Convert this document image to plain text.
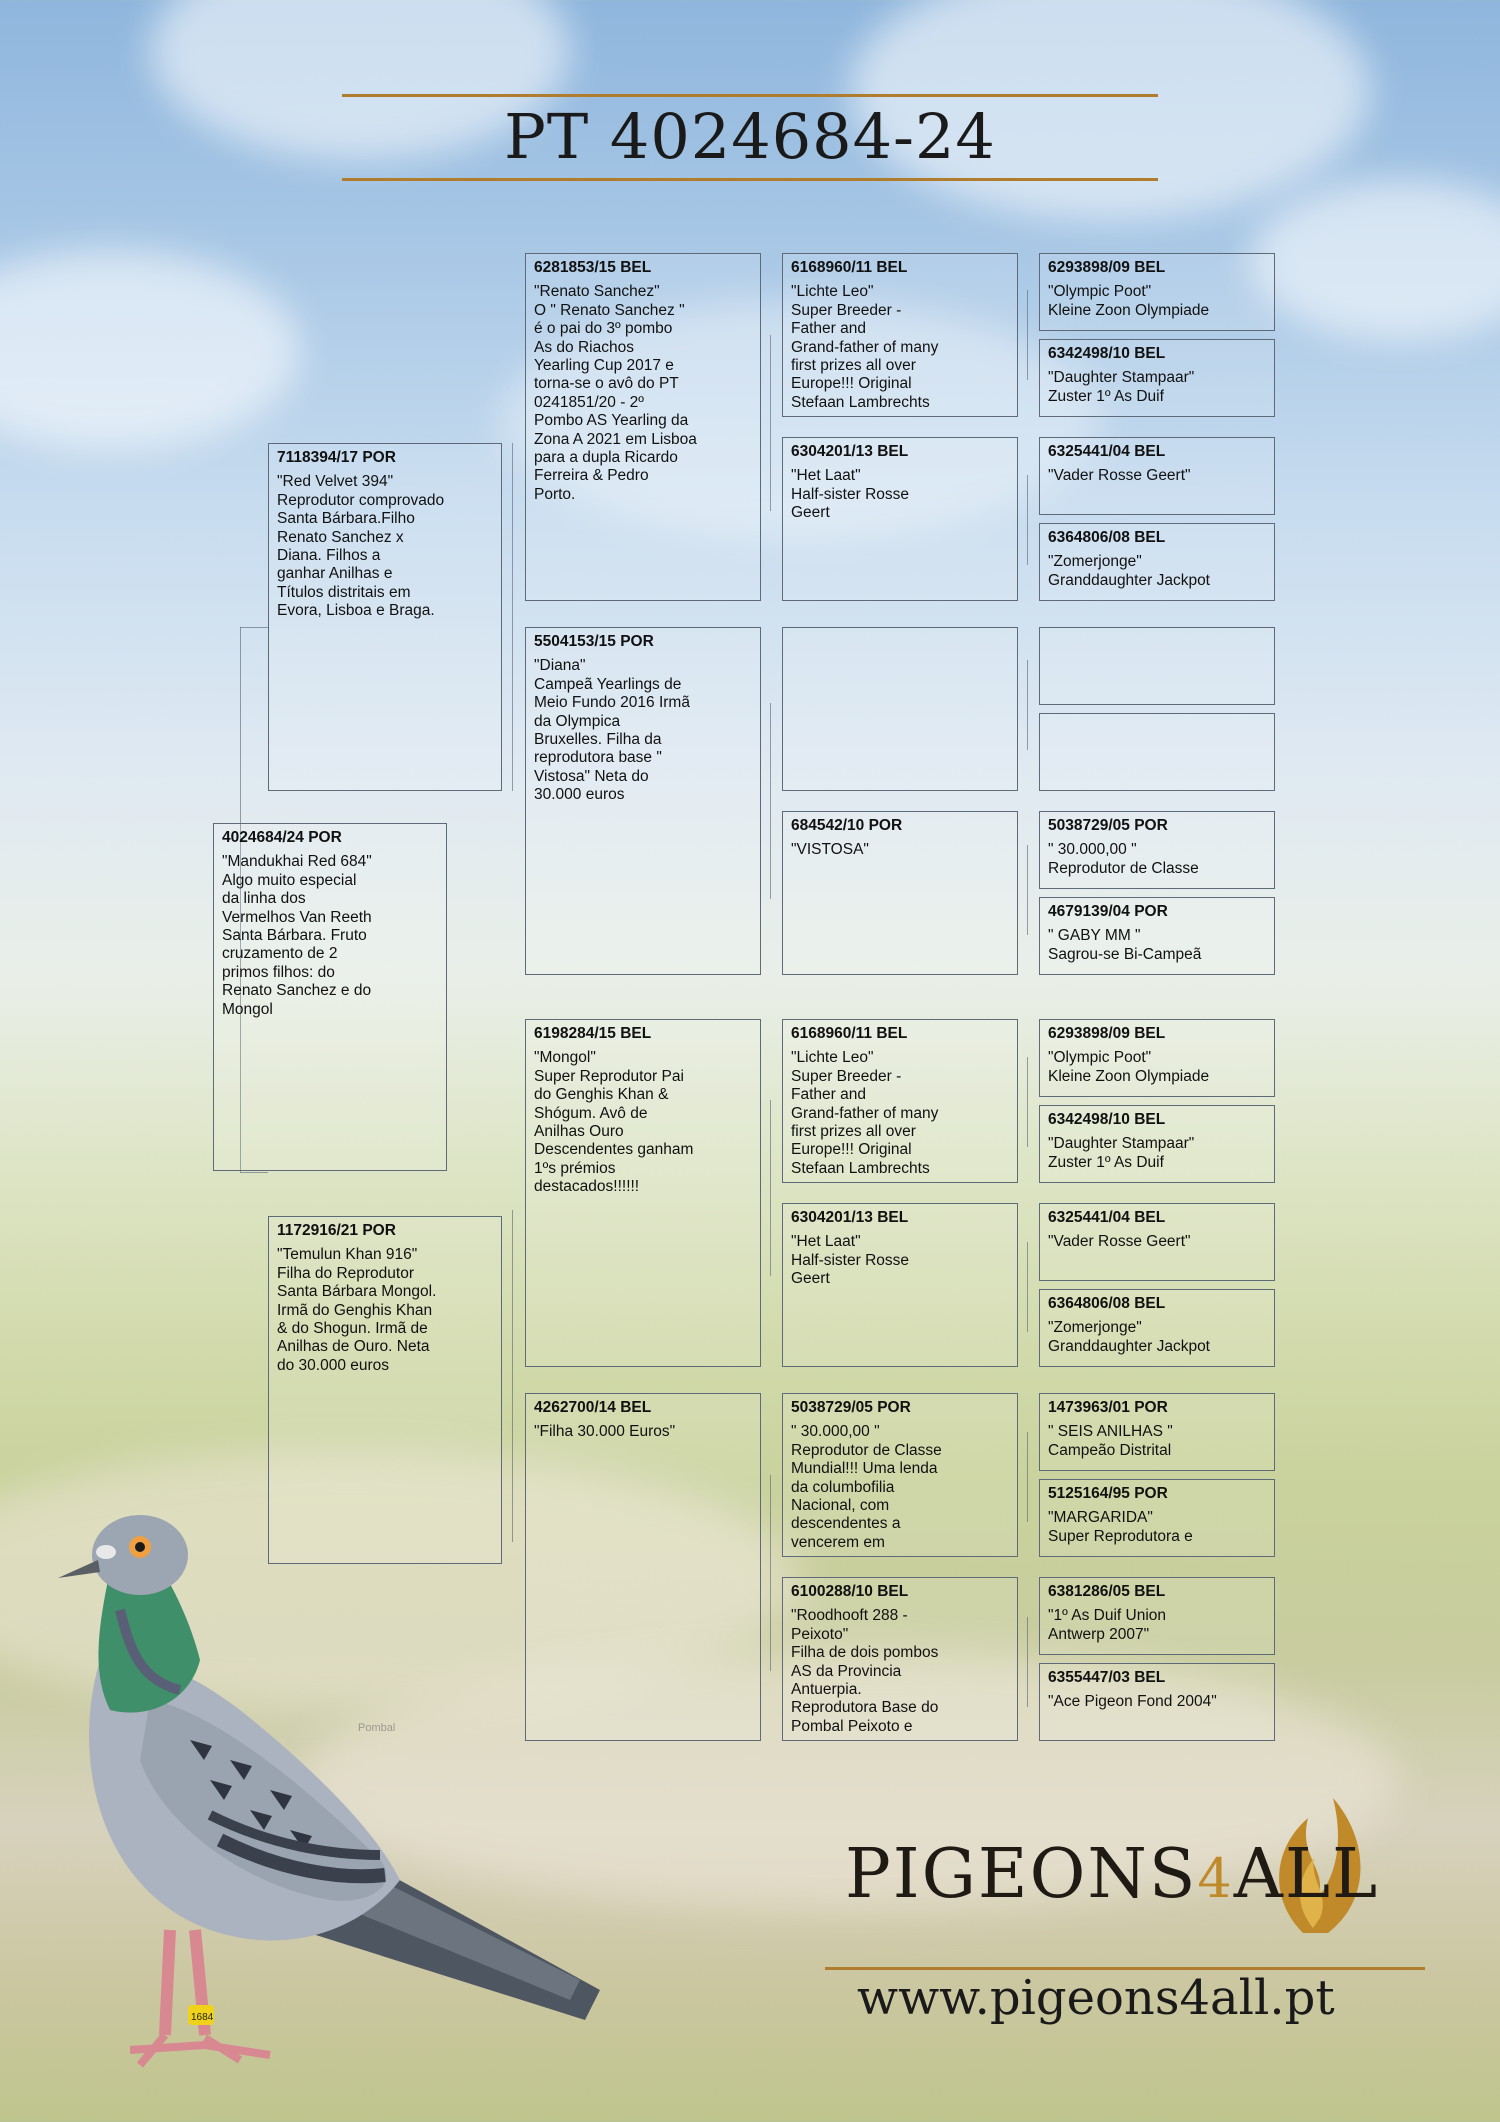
PT 4024684-24
4024684/24 POR
"Mandukhai Red 684"
Algo muito especial
da linha dos
Vermelhos Van Reeth
Santa Bárbara. Fruto
cruzamento de 2
primos filhos: do
Renato Sanchez e do
Mongol
7118394/17 POR
"Red Velvet 394"
Reprodutor comprovado
Santa Bárbara.Filho
Renato Sanchez x
Diana. Filhos a
ganhar Anilhas e
Títulos distritais em
Evora, Lisboa e Braga.
1172916/21 POR
"Temulun Khan 916"
Filha do Reprodutor
Santa Bárbara Mongol.
Irmã do Genghis Khan
& do Shogun. Irmã de
Anilhas de Ouro. Neta
do 30.000 euros
6281853/15 BEL
"Renato Sanchez"
O " Renato Sanchez "
é o pai do 3º pombo
As do Riachos
Yearling Cup 2017 e
torna-se o avô do PT
0241851/20 - 2º
Pombo AS Yearling da
Zona A 2021 em Lisboa
para a dupla Ricardo
Ferreira & Pedro
Porto.
5504153/15 POR
"Diana"
Campeã Yearlings de
Meio Fundo 2016 Irmã
da Olympica
Bruxelles. Filha da
reprodutora base "
Vistosa" Neta do
30.000 euros
6198284/15 BEL
"Mongol"
Super Reprodutor Pai
do Genghis Khan &
Shógum. Avô de
Anilhas Ouro
Descendentes ganham
1ºs prémios
destacados!!!!!!
4262700/14 BEL
"Filha 30.000 Euros"
6168960/11 BEL
"Lichte Leo"
Super Breeder -
Father and
Grand-father of many
first prizes all over
Europe!!! Original
Stefaan Lambrechts
6304201/13 BEL
"Het Laat"
Half-sister Rosse
Geert
684542/10 POR
"VISTOSA"
6168960/11 BEL
"Lichte Leo"
Super Breeder -
Father and
Grand-father of many
first prizes all over
Europe!!! Original
Stefaan Lambrechts
6304201/13 BEL
"Het Laat"
Half-sister Rosse
Geert
5038729/05 POR
" 30.000,00 "
Reprodutor de Classe
Mundial!!! Uma lenda
da columbofilia
Nacional, com
descendentes a
vencerem em
6100288/10 BEL
"Roodhooft 288 -
Peixoto"
Filha de dois pombos
AS da Provincia
Antuerpia.
Reprodutora Base do
Pombal Peixoto e
6293898/09 BEL
"Olympic Poot"
Kleine Zoon Olympiade
6342498/10 BEL
"Daughter Stampaar"
Zuster 1º As Duif
6325441/04 BEL
"Vader Rosse Geert"
6364806/08 BEL
"Zomerjonge"
Granddaughter Jackpot
5038729/05 POR
" 30.000,00 "
Reprodutor de Classe
4679139/04 POR
" GABY MM "
Sagrou-se Bi-Campeã
6293898/09 BEL
"Olympic Poot"
Kleine Zoon Olympiade
6342498/10 BEL
"Daughter Stampaar"
Zuster 1º As Duif
6325441/04 BEL
"Vader Rosse Geert"
6364806/08 BEL
"Zomerjonge"
Granddaughter Jackpot
1473963/01 POR
" SEIS ANILHAS "
Campeão Distrital
5125164/95 POR
"MARGARIDA"
Super Reprodutora e
6381286/05 BEL
"1º As Duif Union
Antwerp 2007"
6355447/03 BEL
"Ace Pigeon Fond 2004"
Pombal
1684
PIGEONS4ALL
www.pigeons4all.pt
